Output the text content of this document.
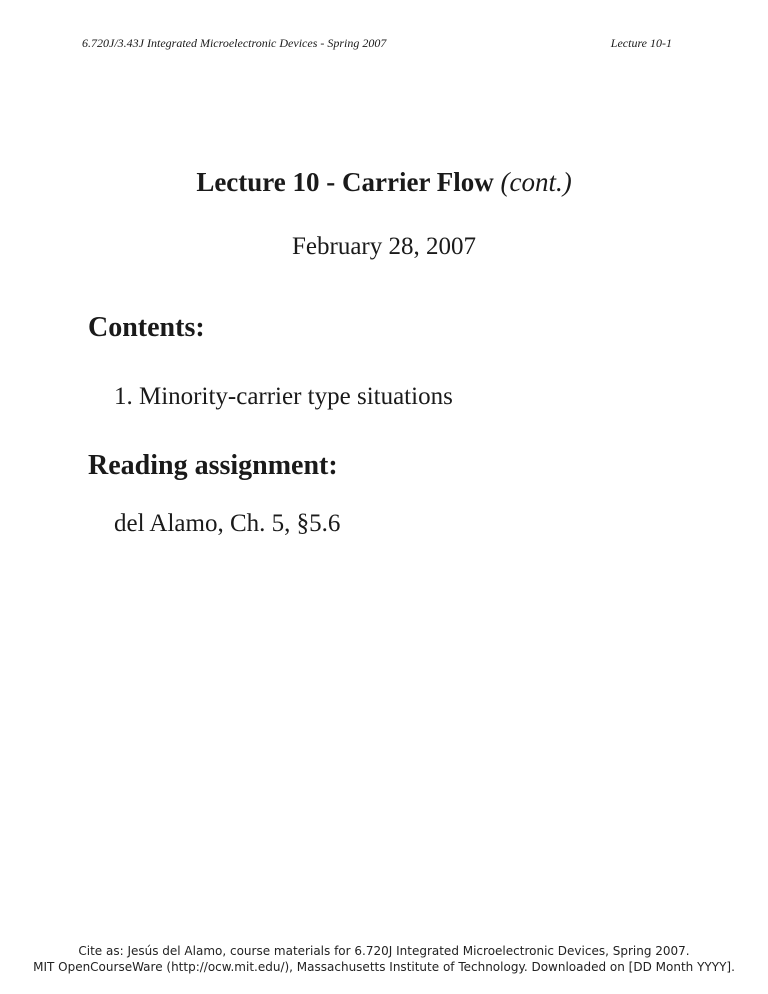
6.720J/3.43J Integrated Microelectronic Devices - Spring 2007	Lecture 10-1
Lecture 10 - Carrier Flow (cont.)
February 28, 2007
Contents:
1. Minority-carrier type situations
Reading assignment:
del Alamo, Ch. 5, §5.6
Cite as: Jesús del Alamo, course materials for 6.720J Integrated Microelectronic Devices, Spring 2007.
MIT OpenCourseWare (http://ocw.mit.edu/), Massachusetts Institute of Technology. Downloaded on [DD Month YYYY].
